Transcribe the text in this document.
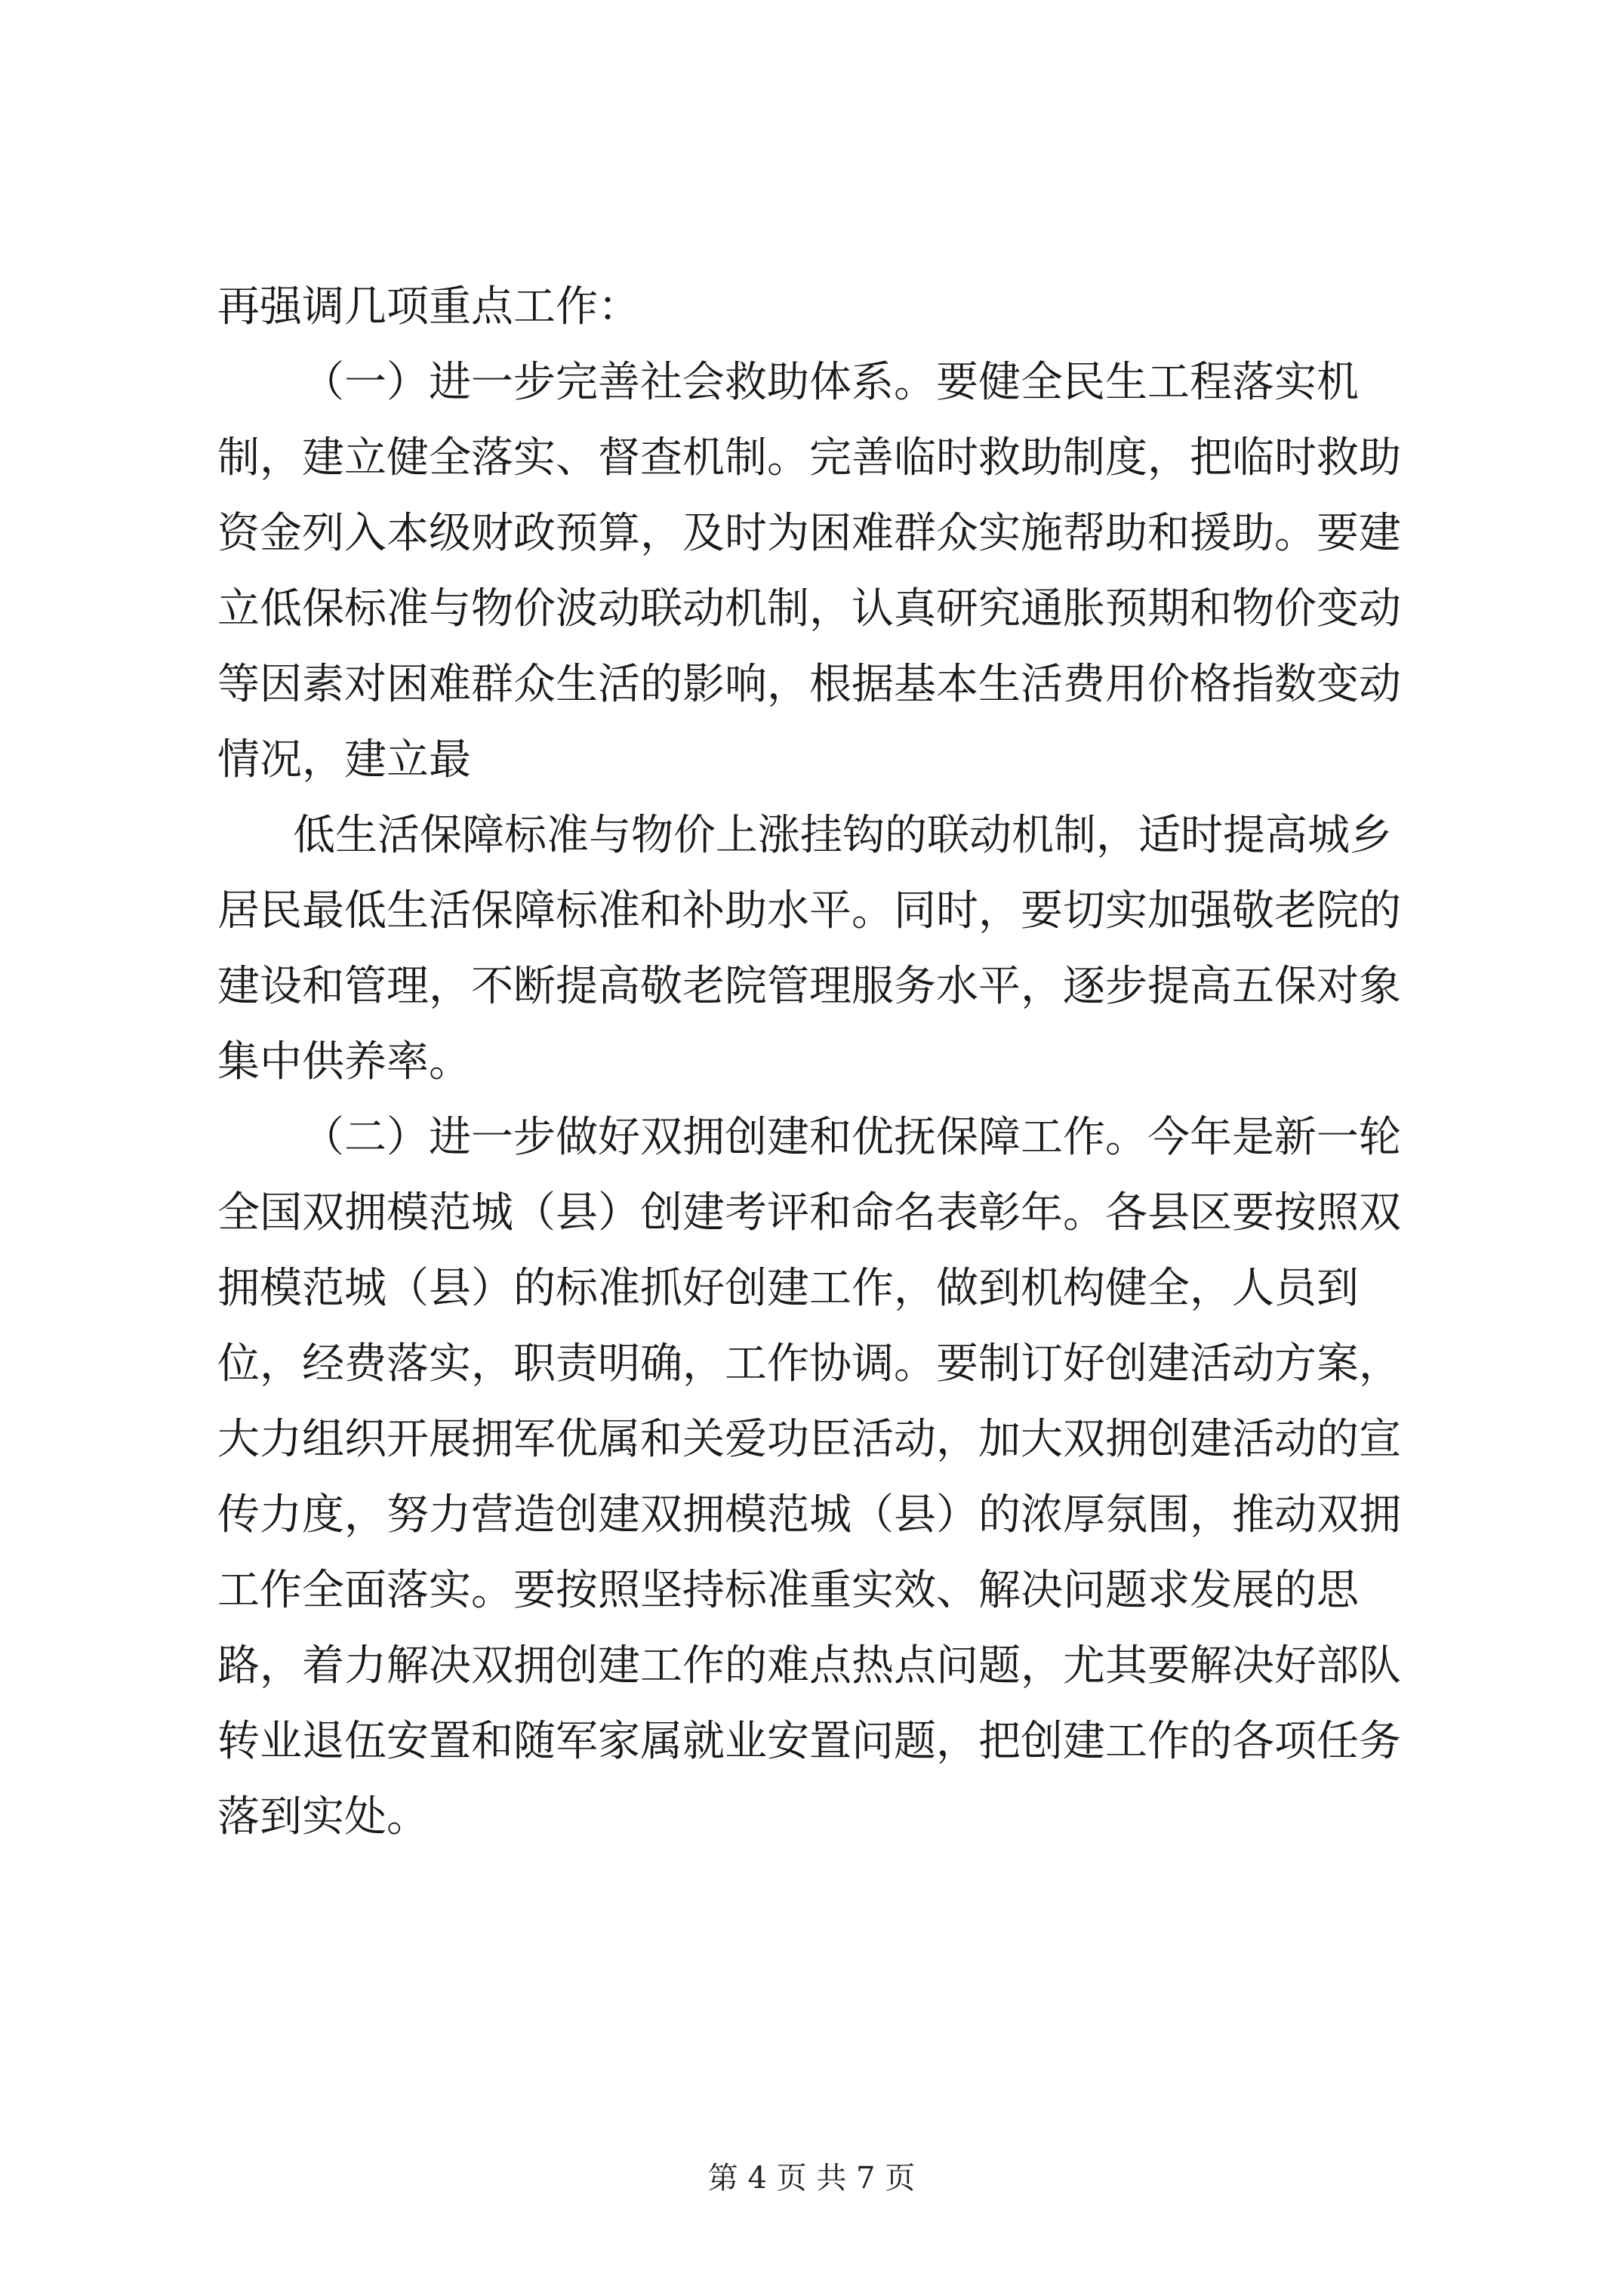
再强调几项重点工作：

（一）进一步完善社会救助体系。要健全民生工程落实机制，建立健全落实、督查机制。完善临时救助制度，把临时救助资金列入本级财政预算，及时为困难群众实施帮助和援助。要建立低保标准与物价波动联动机制，认真研究通胀预期和物价变动等因素对困难群众生活的影响，根据基本生活费用价格指数变动情况，建立最

低生活保障标准与物价上涨挂钩的联动机制，适时提高城乡居民最低生活保障标准和补助水平。同时，要切实加强敬老院的建设和管理，不断提高敬老院管理服务水平，逐步提高五保对象集中供养率。

（二）进一步做好双拥创建和优抚保障工作。今年是新一轮全国双拥模范城（县）创建考评和命名表彰年。各县区要按照双拥模范城（县）的标准抓好创建工作，做到机构健全，人员到位，经费落实，职责明确，工作协调。要制订好创建活动方案，大力组织开展拥军优属和关爱功臣活动，加大双拥创建活动的宣传力度，努力营造创建双拥模范城（县）的浓厚氛围，推动双拥工作全面落实。要按照坚持标准重实效、解决问题求发展的思路，着力解决双拥创建工作的难点热点问题，尤其要解决好部队转业退伍安置和随军家属就业安置问题，把创建工作的各项任务落到实处。

第 4 页 共 7 页
